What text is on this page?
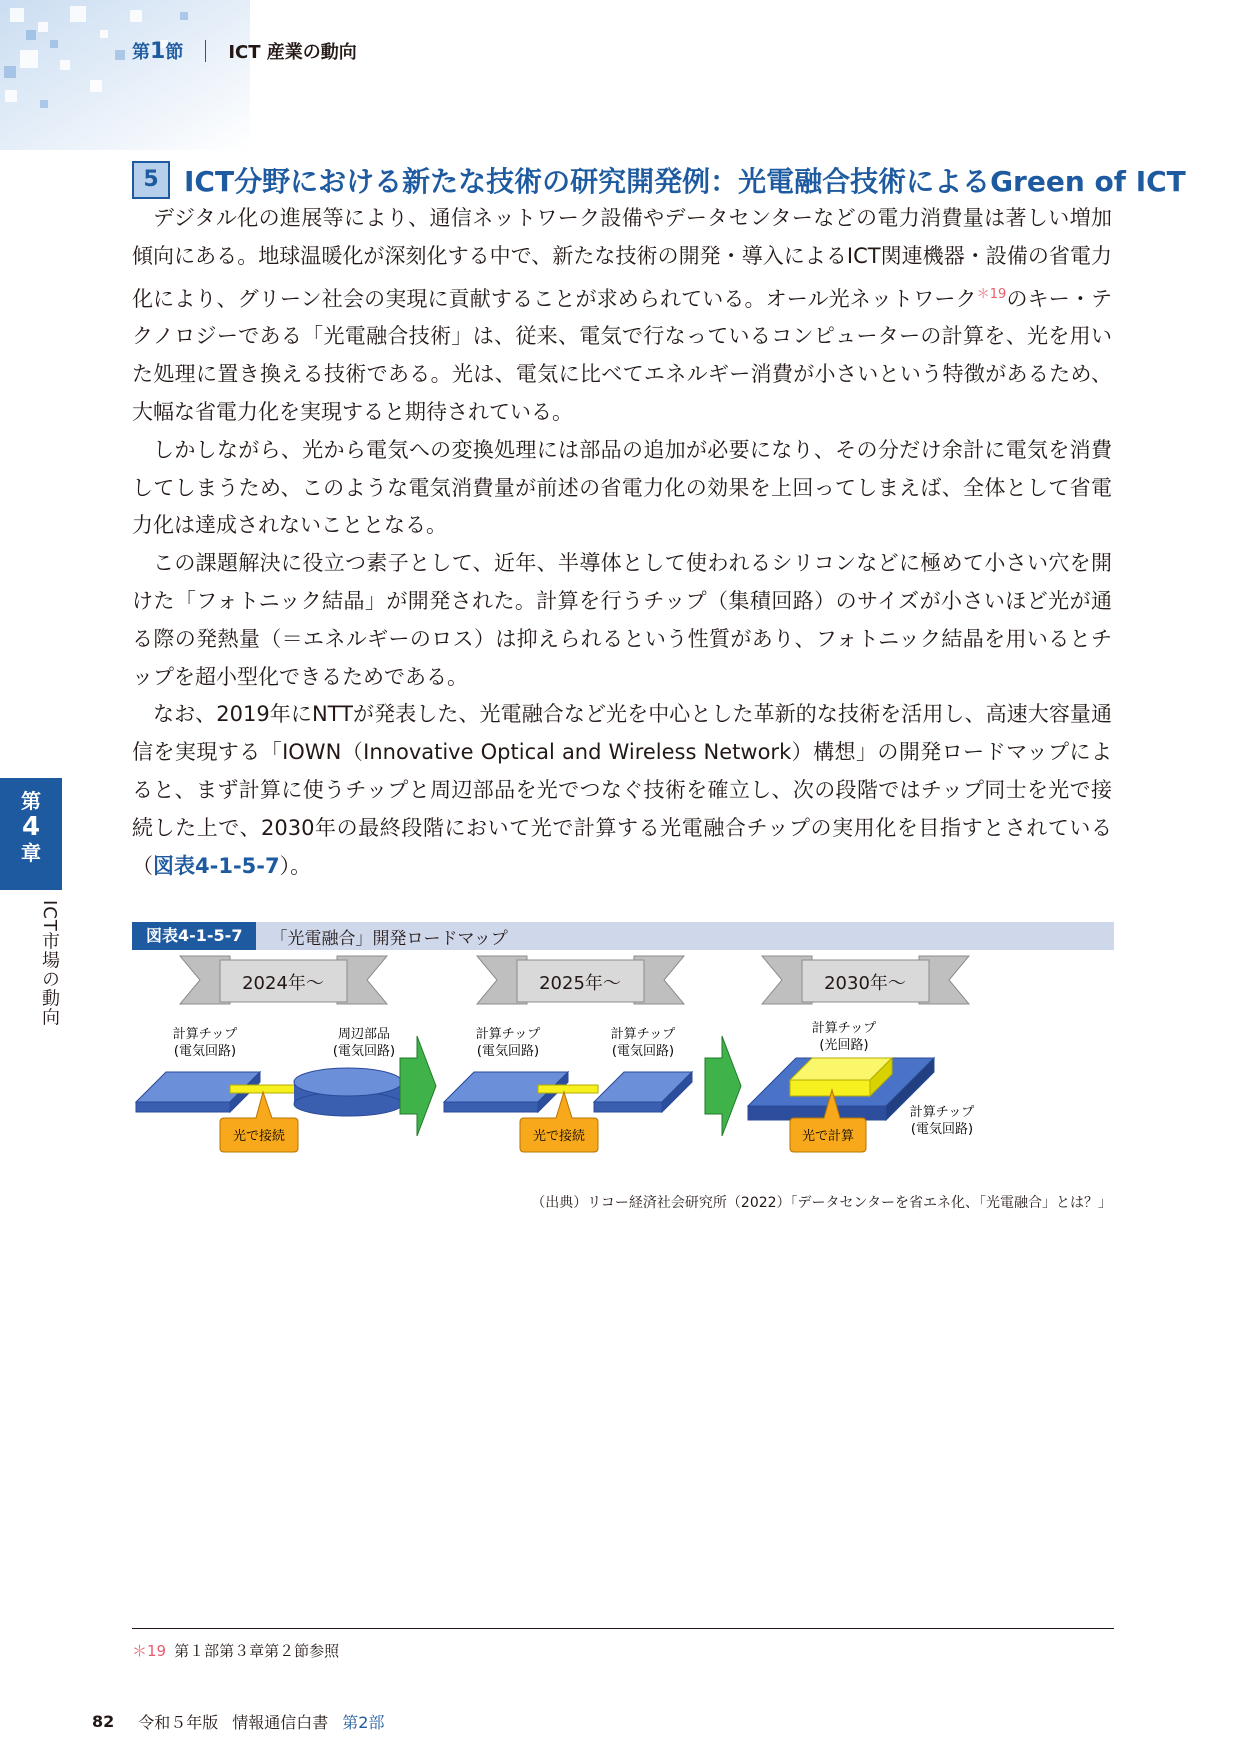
第1節	ICT 産業の動向
第
4
章
ICT市場の動向
5 ICT分野における新たな技術の研究開発例：光電融合技術によるGreen of ICT

デジタル化の進展等により、通信ネットワーク設備やデータセンターなどの電力消費量は著しい増加傾向にある。地球温暖化が深刻化する中で、新たな技術の開発・導入によるICT関連機器・設備の省電力化により、グリーン社会の実現に貢献することが求められている。オール光ネットワーク$^{*19}$のキー・テクノロジーである「光電融合技術」は、従来、電気で行なっているコンピューターの計算を、光を用いた処理に置き換える技術である。光は、電気に比べてエネルギー消費が小さいという特徴があるため、大幅な省電力化を実現すると期待されている。

しかしながら、光から電気への変換処理には部品の追加が必要になり、その分だけ余計に電気を消費してしまうため、このような電気消費量が前述の省電力化の効果を上回ってしまえば、全体として省電力化は達成されないこととなる。

この課題解決に役立つ素子として、近年、半導体として使われるシリコンなどに極めて小さい穴を開けた「フォトニック結晶」が開発された。計算を行うチップ（集積回路）のサイズが小さいほど光が通る際の発熱量（＝エネルギーのロス）は抑えられるという性質があり、フォトニック結晶を用いるとチップを超小型化できるためである。

なお、2019年にNTTが発表した、光電融合など光を中心とした革新的な技術を活用し、高速大容量通信を実現する「IOWN（Innovative Optical and Wireless Network）構想」の開発ロードマップによると、まず計算に使うチップと周辺部品を光でつなぐ技術を確立し、次の段階ではチップ同士を光で接続した上で、2030年の最終段階において光で計算する光電融合チップの実用化を目指すとされている（図表4-1-5-7）。

図表4-1-5-7	「光電融合」開発ロードマップ
2024年～	2025年～	2030年～
計算チップ
(電気回路)
周辺部品
(電気回路)
光で接続
計算チップ
(電気回路)
計算チップ
(電気回路)
光で接続
計算チップ
(光回路)
光で計算
計算チップ
(電気回路)
（出典）リコー経済社会研究所（2022）「データセンターを省エネ化、「光電融合」とは？」
＊19 第１部第３章第２節参照
82 令和５年版 情報通信白書 第2部
